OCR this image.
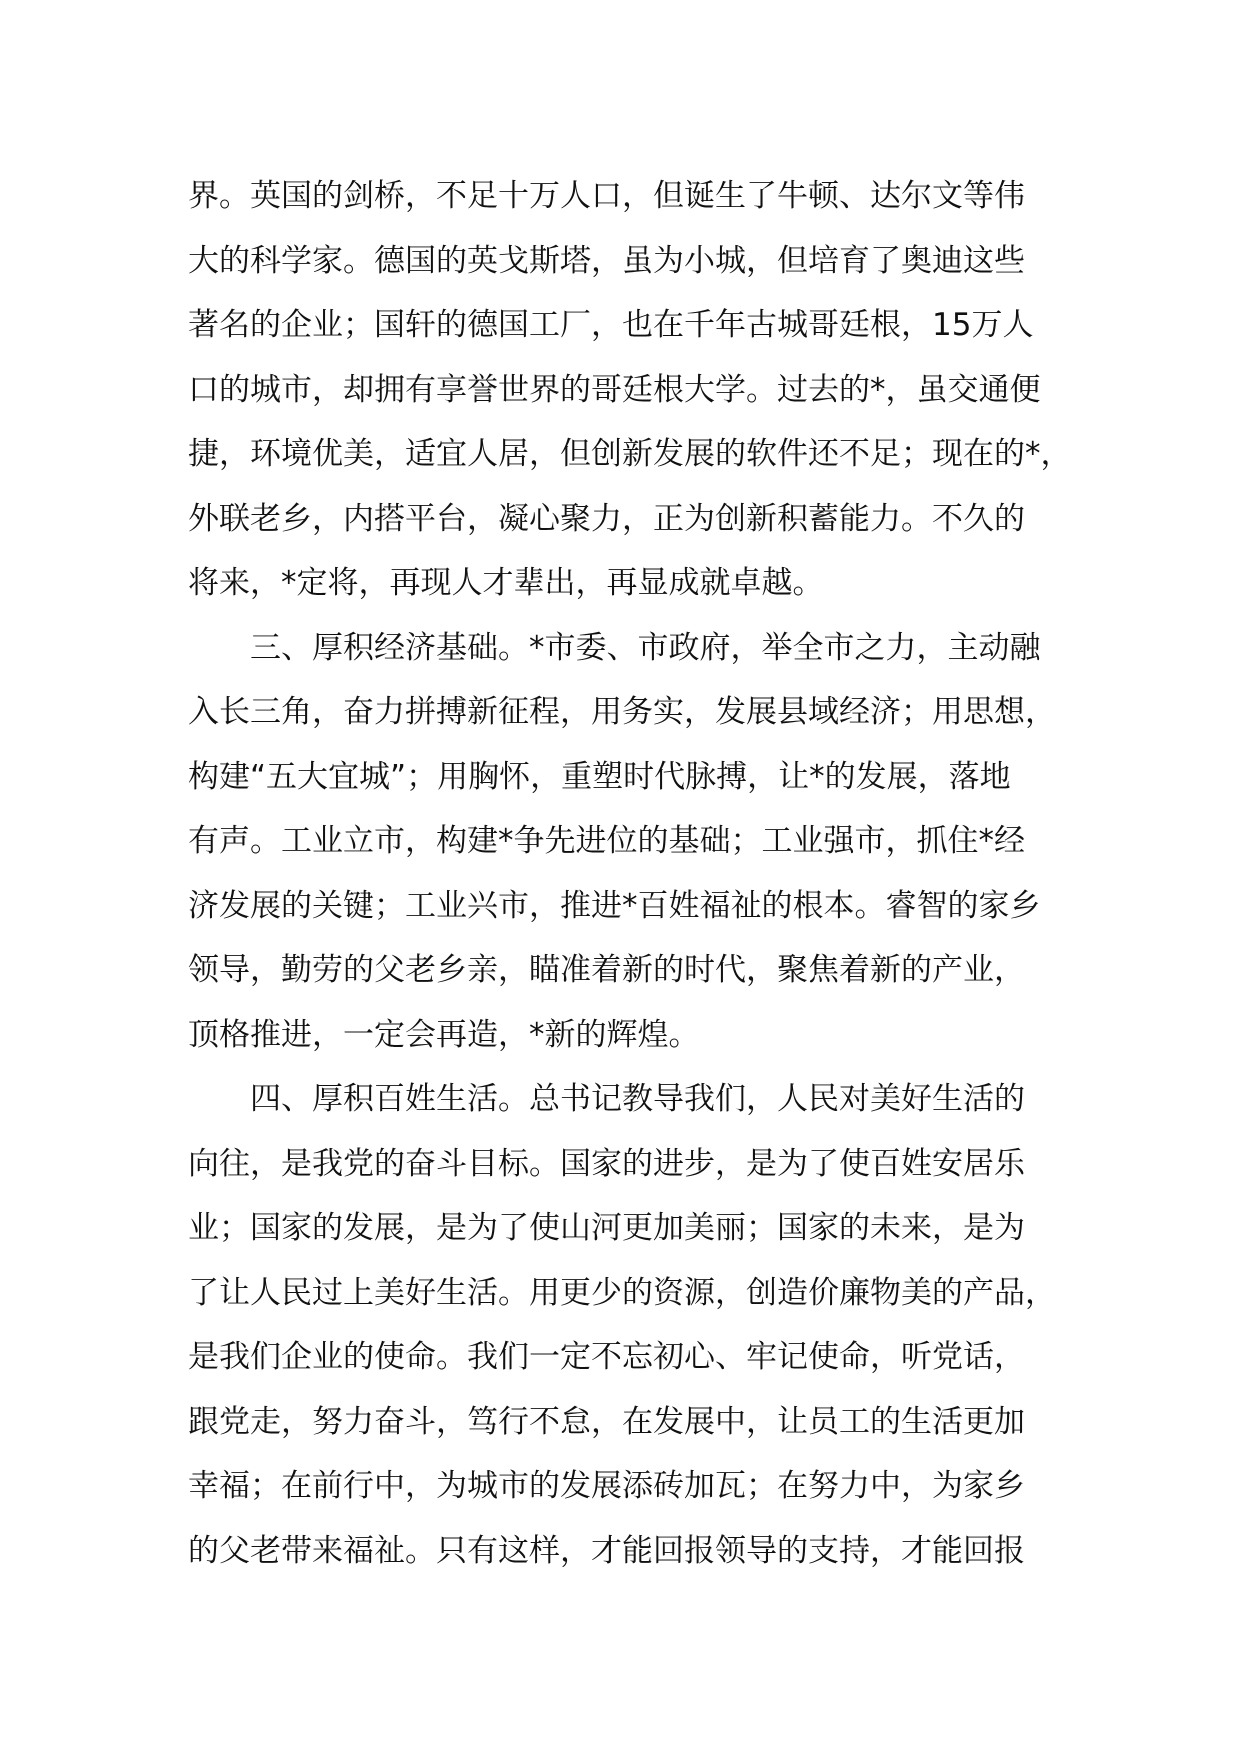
界。英国的剑桥，不足十万人口，但诞生了牛顿、达尔文等伟
大的科学家。德国的英戈斯塔，虽为小城，但培育了奥迪这些
著名的企业；国轩的德国工厂，也在千年古城哥廷根，15万人
口的城市，却拥有享誉世界的哥廷根大学。过去的*，虽交通便
捷，环境优美，适宜人居，但创新发展的软件还不足；现在的*，
外联老乡，内搭平台，凝心聚力，正为创新积蓄能力。不久的
将来，*定将，再现人才辈出，再显成就卓越。
三、厚积经济基础。*市委、市政府，举全市之力，主动融
入长三角，奋力拼搏新征程，用务实，发展县域经济；用思想，
构建“五大宜城”；用胸怀，重塑时代脉搏，让*的发展，落地
有声。工业立市，构建*争先进位的基础；工业强市，抓住*经
济发展的关键；工业兴市，推进*百姓福祉的根本。睿智的家乡
领导，勤劳的父老乡亲，瞄准着新的时代，聚焦着新的产业，
顶格推进，一定会再造，*新的辉煌。
四、厚积百姓生活。总书记教导我们，人民对美好生活的
向往，是我党的奋斗目标。国家的进步，是为了使百姓安居乐
业；国家的发展，是为了使山河更加美丽；国家的未来，是为
了让人民过上美好生活。用更少的资源，创造价廉物美的产品，
是我们企业的使命。我们一定不忘初心、牢记使命，听党话，
跟党走，努力奋斗，笃行不怠，在发展中，让员工的生活更加
幸福；在前行中，为城市的发展添砖加瓦；在努力中，为家乡
的父老带来福祉。只有这样，才能回报领导的支持，才能回报
